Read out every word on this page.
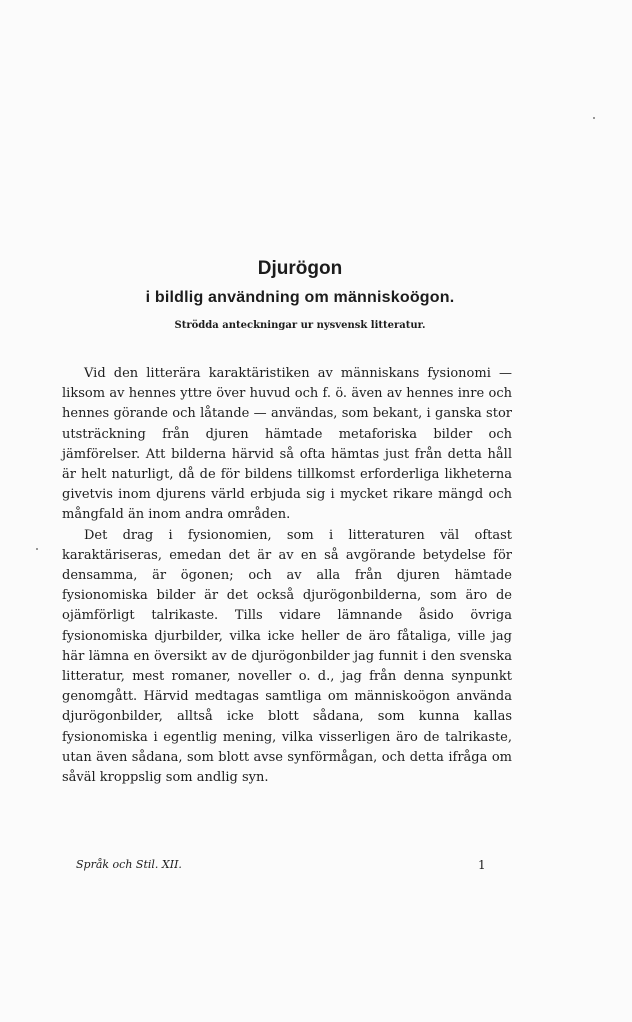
Djurögon
i bildlig användning om människoögon.
Strödda anteckningar ur nysvensk litteratur.

Vid den litterära karaktäristiken av människans fysionomi — liksom av hennes yttre över huvud och f. ö. även av hennes inre och hennes görande och låtande — användas, som bekant, i ganska stor utsträckning från djuren hämtade metaforiska bilder och jämförelser. Att bilderna härvid så ofta hämtas just från detta håll är helt naturligt, då de för bildens tillkomst erforderliga likheterna givetvis inom djurens värld erbjuda sig i mycket rikare mängd och mångfald än inom andra områden.

Det drag i fysionomien, som i litteraturen väl oftast karaktäriseras, emedan det är av en så avgörande betydelse för densamma, är ögonen; och av alla från djuren hämtade fysionomiska bilder är det också djurögonbilderna, som äro de ojämförligt talrikaste. Tills vidare lämnande åsido övriga fysionomiska djurbilder, vilka icke heller de äro fåtaliga, ville jag här lämna en översikt av de djurögonbilder jag funnit i den svenska litteratur, mest romaner, noveller o. d., jag från denna synpunkt genomgått. Härvid medtagas samtliga om människoögon använda djurögonbilder, alltså icke blott sådana, som kunna kallas fysionomiska i egentlig mening, vilka visserligen äro de talrikaste, utan även sådana, som blott avse synförmågan, och detta ifråga om såväl kroppslig som andlig syn.

Språk och Stil. XII.	1
